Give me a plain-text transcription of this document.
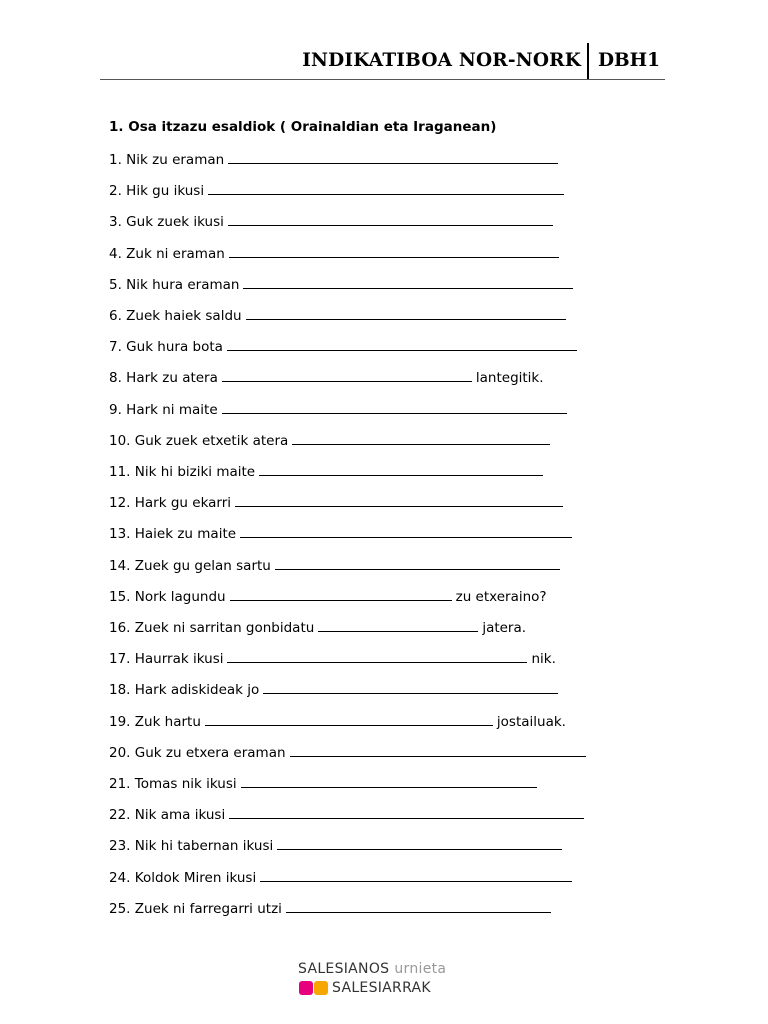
INDIKATIBOA NOR-NORK DBH1
1. Osa itzazu esaldiok ( Orainaldian eta Iraganean)
1. Nik zu eraman
2. Hik gu ikusi
3. Guk zuek ikusi
4. Zuk ni eraman
5. Nik hura eraman
6. Zuek haiek saldu
7. Guk hura bota
8. Hark zu atera	lantegitik.
9. Hark ni maite
10. Guk zuek etxetik atera
11. Nik hi biziki maite
12. Hark gu ekarri
13. Haiek zu maite
14. Zuek gu gelan sartu
15. Nork lagundu	zu etxeraino?
16. Zuek ni sarritan gonbidatu	jatera.
17. Haurrak ikusi	nik.
18. Hark adiskideak jo
19. Zuk hartu	jostailuak.
20. Guk zu etxera eraman
21. Tomas nik ikusi
22. Nik ama ikusi
23. Nik hi tabernan ikusi
24. Koldok Miren ikusi
25. Zuek ni farregarri utzi
SALESIANOS urnieta
SALESIARRAK
